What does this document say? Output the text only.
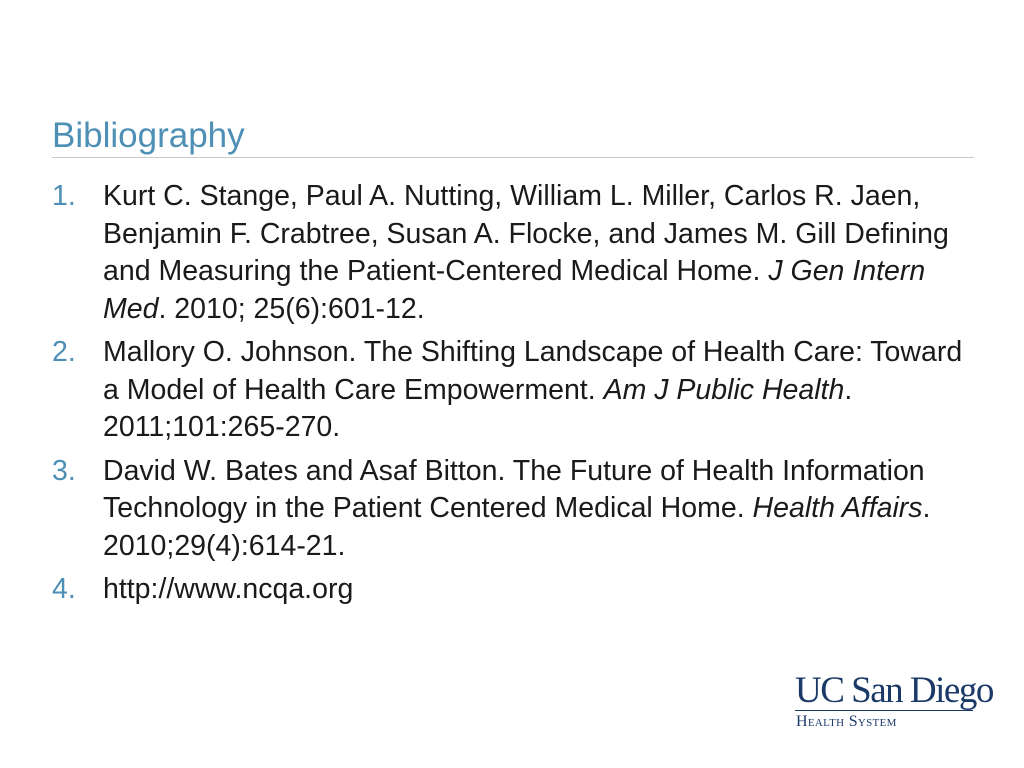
Bibliography
1. Kurt C. Stange, Paul A. Nutting, William L. Miller, Carlos R. Jaen, Benjamin F. Crabtree, Susan A. Flocke, and James M. Gill Defining and Measuring the Patient-Centered Medical Home. J Gen Intern Med. 2010; 25(6):601-12.
2. Mallory O. Johnson. The Shifting Landscape of Health Care: Toward a Model of Health Care Empowerment. Am J Public Health. 2011;101:265-270.
3. David W. Bates and Asaf Bitton. The Future of Health Information Technology in the Patient Centered Medical Home. Health Affairs. 2010;29(4):614-21.
4. http://www.ncqa.org
UC San Diego
Health System
